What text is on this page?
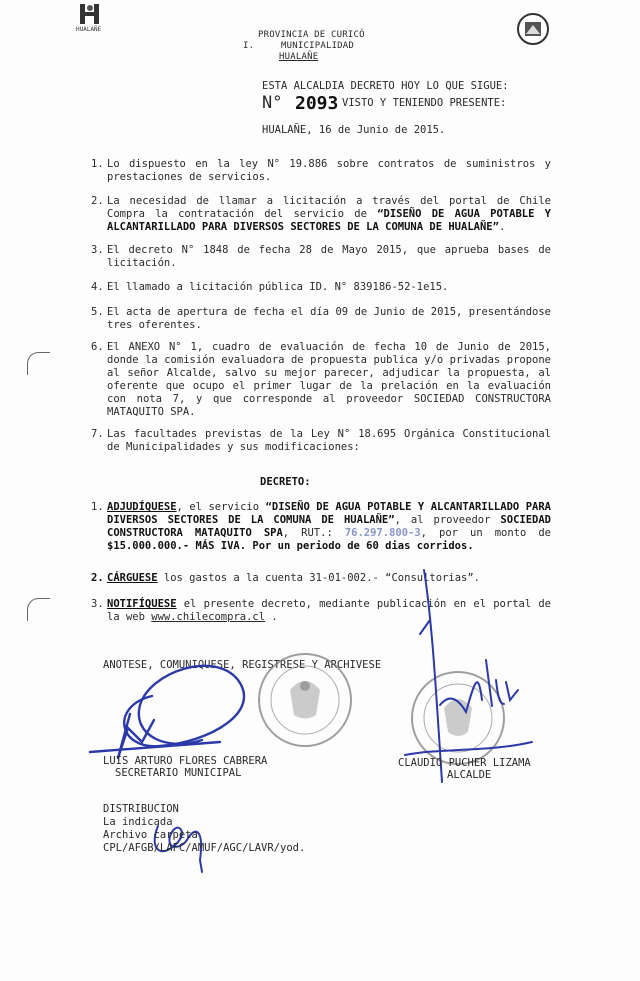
HUALAÑE
PROVINCIA DE CURICÓ
I.	MUNICIPALIDAD
HUALAÑE
ESTA ALCALDIA DECRETO HOY LO QUE SIGUE:
N° 2093 VISTO Y TENIENDO PRESENTE:
HUALAÑE, 16 de Junio de 2015.
1. Lo dispuesto en la ley N° 19.886 sobre contratos de suministros y prestaciones de servicios.
2. La necesidad de llamar a licitación a través del portal de Chile Compra la contratación del servicio de “DISEÑO DE AGUA POTABLE Y ALCANTARILLADO PARA DIVERSOS SECTORES DE LA COMUNA DE HUALAÑE”.
3. El decreto N° 1848 de fecha 28 de Mayo 2015, que aprueba bases de licitación.
4. El llamado a licitación pública ID. N° 839186-52-1e15.
5. El acta de apertura de fecha el día 09 de Junio de 2015, presentándose tres oferentes.
6. El ANEXO N° 1, cuadro de evaluación de fecha 10 de Junio de 2015, donde la comisión evaluadora de propuesta publica y/o privadas propone al señor Alcalde, salvo su mejor parecer, adjudicar la propuesta, al oferente que ocupo el primer lugar de la prelación en la evaluación con nota 7, y que corresponde al proveedor SOCIEDAD CONSTRUCTORA MATAQUITO SPA.
7. Las facultades previstas de la Ley N° 18.695 Orgánica Constitucional de Municipalidades y sus modificaciones:
DECRETO:
1. ADJUDÍQUESE, el servicio “DISEÑO DE AGUA POTABLE Y ALCANTARILLADO PARA DIVERSOS SECTORES DE LA COMUNA DE HUALAÑE”, al proveedor SOCIEDAD CONSTRUCTORA MATAQUITO SPA, RUT.: 76.297.800-3, por un monto de $15.000.000.- MÁS IVA. Por un periodo de 60 dias corridos.
2. CÁRGUESE los gastos a la cuenta 31-01-002.- “Consultorias”.
3. NOTIFÍQUESE el presente decreto, mediante publicación en el portal de la web www.chilecompra.cl .
ANOTESE, COMUNIQUESE, REGISTRESE Y ARCHIVESE
LUIS ARTURO FLORES CABRERA
SECRETARIO MUNICIPAL
CLAUDIO PUCHER LIZAMA
ALCALDE
DISTRIBUCION
La indicada
Archivo carpeta
CPL/AFGB/LAFC/AMUF/AGC/LAVR/yod.
